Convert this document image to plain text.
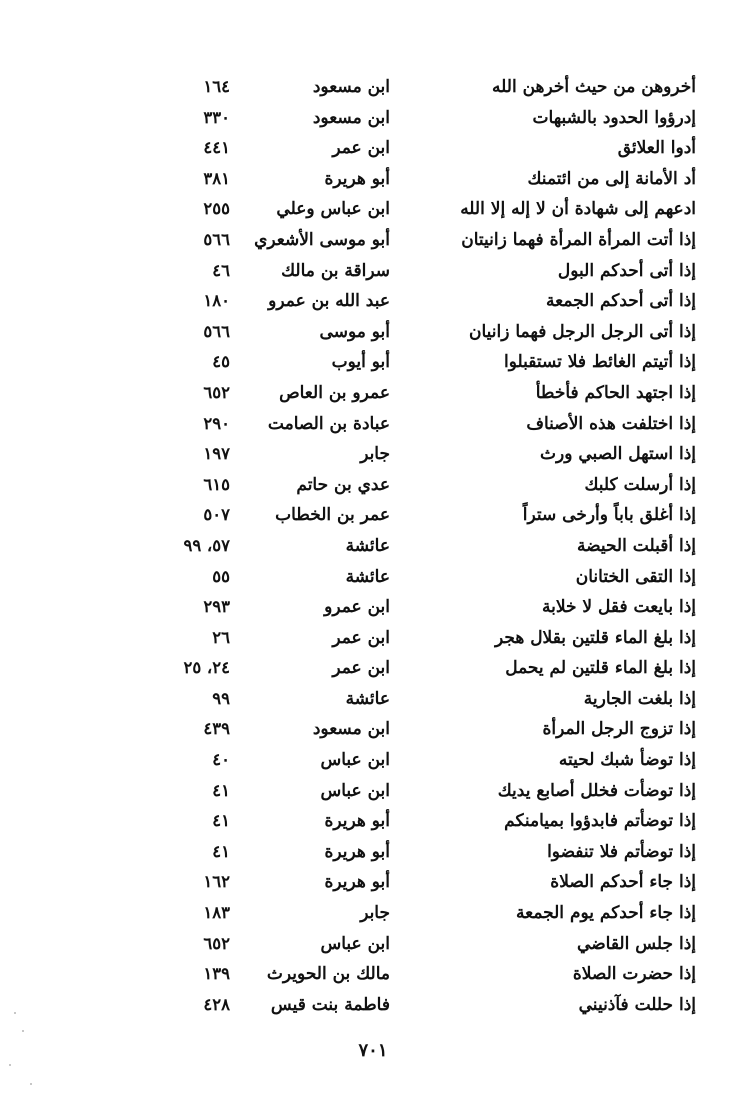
أخروهن من حيث أخرهن الله
ابن مسعود
١٦٤
إدرؤوا الحدود بالشبهات
ابن مسعود
٣٣٠
أدوا العلائق
ابن عمر
٤٤١
أد الأمانة إلى من ائتمنك
أبو هريرة
٣٨١
ادعهم إلى شهادة أن لا إله إلا الله
ابن عباس وعلي
٢٥٥
إذا أتت المرأة المرأة فهما زانيتان
أبو موسى الأشعري
٥٦٦
إذا أتى أحدكم البول
سراقة بن مالك
٤٦
إذا أتى أحدكم الجمعة
عبد الله بن عمرو
١٨٠
إذا أتى الرجل الرجل فهما زانيان
أبو موسى
٥٦٦
إذا أتيتم الغائط فلا تستقبلوا
أبو أيوب
٤٥
إذا اجتهد الحاكم فأخطأ
عمرو بن العاص
٦٥٢
إذا اختلفت هذه الأصناف
عبادة بن الصامت
٢٩٠
إذا استهل الصبي ورث
جابر
١٩٧
إذا أرسلت كلبك
عدي بن حاتم
٦١٥
إذا أغلق باباً وأرخى ستراً
عمر بن الخطاب
٥٠٧
إذا أقبلت الحيضة
عائشة
٥٧، ٩٩
إذا التقى الختانان
عائشة
٥٥
إذا بايعت فقل لا خلابة
ابن عمرو
٢٩٣
إذا بلغ الماء قلتين بقلال هجر
ابن عمر
٢٦
إذا بلغ الماء قلتين لم يحمل
ابن عمر
٢٤، ٢٥
إذا بلغت الجارية
عائشة
٩٩
إذا تزوج الرجل المرأة
ابن مسعود
٤٣٩
إذا توضأ شبك لحيته
ابن عباس
٤٠
إذا توضأت فخلل أصابع يديك
ابن عباس
٤١
إذا توضأتم فابدؤوا بميامنكم
أبو هريرة
٤١
إذا توضأتم فلا تنفضوا
أبو هريرة
٤١
إذا جاء أحدكم الصلاة
أبو هريرة
١٦٢
إذا جاء أحدكم يوم الجمعة
جابر
١٨٣
إذا جلس القاضي
ابن عباس
٦٥٢
إذا حضرت الصلاة
مالك بن الحويرث
١٣٩
إذا حللت فآذنيني
فاطمة بنت قيس
٤٢٨
٧٠١
